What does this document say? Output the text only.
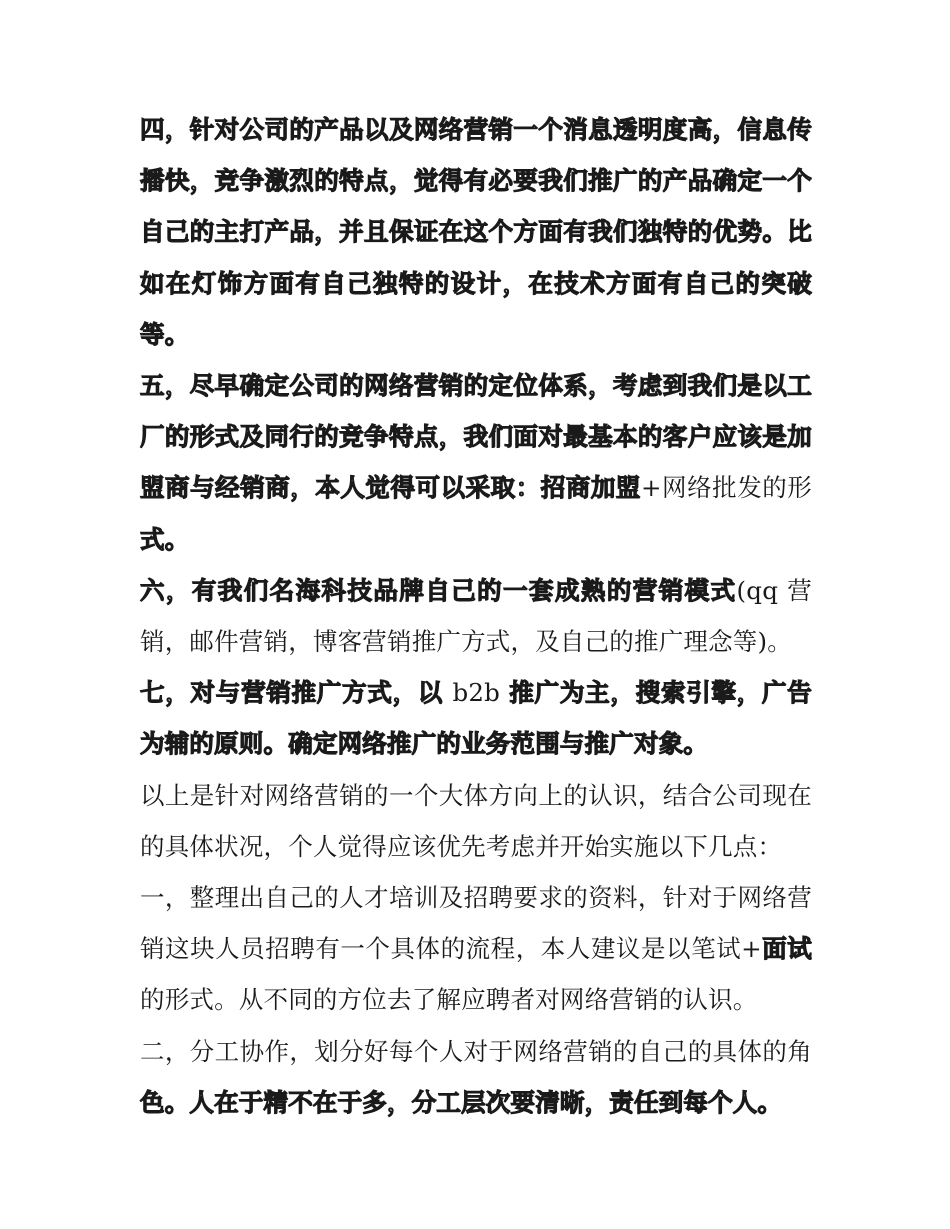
四，针对公司的产品以及网络营销一个消息透明度高，信息传播快，竞争激烈的特点，觉得有必要我们推广的产品确定一个自己的主打产品，并且保证在这个方面有我们独特的优势。比如在灯饰方面有自己独特的设计，在技术方面有自己的突破等。

五，尽早确定公司的网络营销的定位体系，考虑到我们是以工厂的形式及同行的竞争特点，我们面对最基本的客户应该是加盟商与经销商，本人觉得可以采取：招商加盟+网络批发的形式。

六，有我们名海科技品牌自己的一套成熟的营销模式(qq 营销，邮件营销，博客营销推广方式，及自己的推广理念等)。

七，对与营销推广方式，以 b2b 推广为主，搜索引擎，广告为辅的原则。确定网络推广的业务范围与推广对象。

以上是针对网络营销的一个大体方向上的认识，结合公司现在的具体状况，个人觉得应该优先考虑并开始实施以下几点：

一，整理出自己的人才培训及招聘要求的资料，针对于网络营销这块人员招聘有一个具体的流程，本人建议是以笔试+面试的形式。从不同的方位去了解应聘者对网络营销的认识。

二，分工协作，划分好每个人对于网络营销的自己的具体的角色。人在于精不在于多，分工层次要清晰，责任到每个人。
